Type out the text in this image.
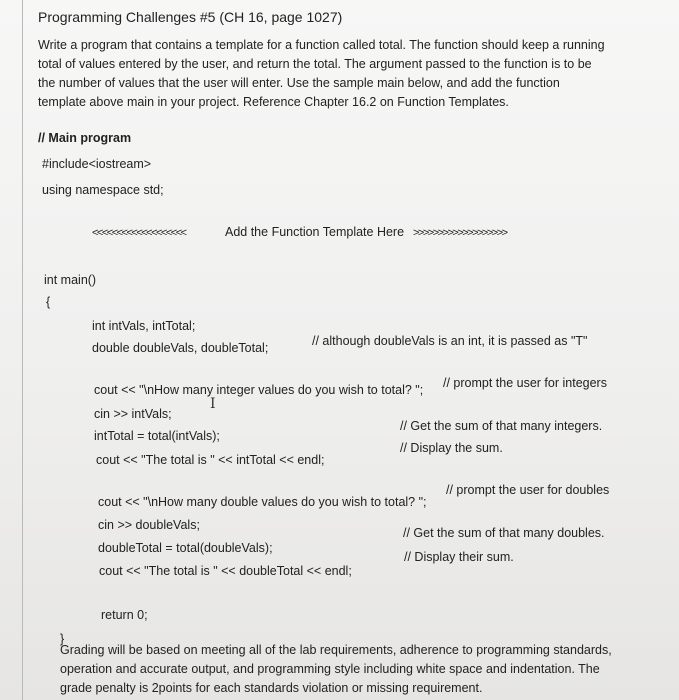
Programming Challenges #5 (CH 16, page 1027)
Write a program that contains a template for a function called total. The function should keep a running total of values entered by the user, and return the total. The argument passed to the function is to be the number of values that the user will enter. Use the sample main below, and add the function template above main in your project. Reference Chapter 16.2 on Function Templates.
// Main program
#include<iostream>
using namespace std;
<<<<<<<<<<<<<<<<<<<	Add the Function Template Here >>>>>>>>>>>>>>>>>>>
int main()
{
int intVals, intTotal;
double doubleVals, doubleTotal;	// although doubleVals is an int, it is passed as "T"
cout << "\nHow many integer values do you wish to total? "; // prompt the user for integers
cin >> intVals;
I
intTotal = total(intVals);
// Get the sum of that many integers.
cout << "The total is " << intTotal << endl;
// Display the sum.
cout << "\nHow many double values do you wish to total? ";
// prompt the user for doubles
cin >> doubleVals;
doubleTotal = total(doubleVals);
// Get the sum of that many doubles.
cout << "The total is " << doubleTotal << endl;
// Display their sum.
return 0;
}
Grading will be based on meeting all of the lab requirements, adherence to programming standards, operation and accurate output, and programming style including white space and indentation. The grade penalty is 2points for each standards violation or missing requirement.
